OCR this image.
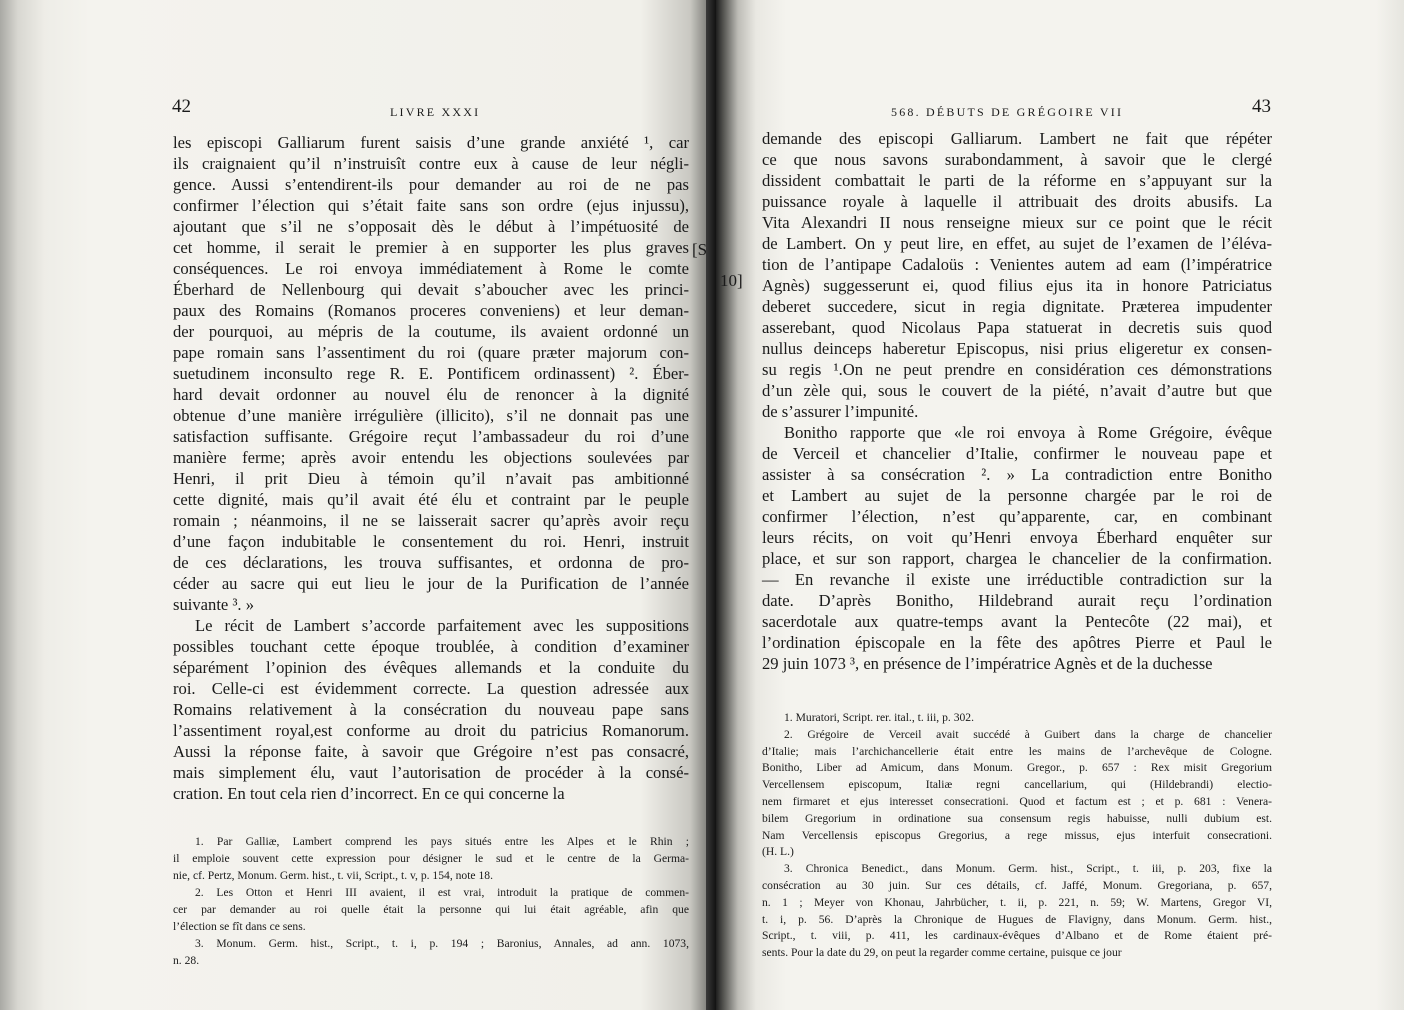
42	LIVRE XXXI
les episcopi Galliarum furent saisis d’une grande anxiété ¹, car
ils craignaient qu’il n’instruisît contre eux à cause de leur négli-
gence. Aussi s’entendirent-ils pour demander au roi de ne pas
confirmer l’élection qui s’était faite sans son ordre (ejus injussu),
ajoutant que s’il ne s’opposait dès le début à l’impétuosité de
cet homme, il serait le premier à en supporter les plus graves
conséquences. Le roi envoya immédiatement à Rome le comte
Éberhard de Nellenbourg qui devait s’aboucher avec les princi-
paux des Romains (Romanos proceres conveniens) et leur deman-
der pourquoi, au mépris de la coutume, ils avaient ordonné un
pape romain sans l’assentiment du roi (quare præter majorum con-
suetudinem inconsulto rege R. E. Pontificem ordinassent) ². Éber-
hard devait ordonner au nouvel élu de renoncer à la dignité
obtenue d’une manière irrégulière (illicito), s’il ne donnait pas une
satisfaction suffisante. Grégoire reçut l’ambassadeur du roi d’une
manière ferme; après avoir entendu les objections soulevées par
Henri, il prit Dieu à témoin qu’il n’avait pas ambitionné
cette dignité, mais qu’il avait été élu et contraint par le peuple
romain ; néanmoins, il ne se laisserait sacrer qu’après avoir reçu
d’une façon indubitable le consentement du roi. Henri, instruit
de ces déclarations, les trouva suffisantes, et ordonna de pro-
céder au sacre qui eut lieu le jour de la Purification de l’année
suivante ³. »
Le récit de Lambert s’accorde parfaitement avec les suppositions
possibles touchant cette époque troublée, à condition d’examiner
séparément l’opinion des évêques allemands et la conduite du
roi. Celle-ci est évidemment correcte. La question adressée aux
Romains relativement à la consécration du nouveau pape sans
l’assentiment royal,est conforme au droit du patricius Romanorum.
Aussi la réponse faite, à savoir que Grégoire n’est pas consacré,
mais simplement élu, vaut l’autorisation de procéder à la consé-
cration. En tout cela rien d’incorrect. En ce qui concerne la
1. Par Galliæ, Lambert comprend les pays situés entre les Alpes et le Rhin ;
il emploie souvent cette expression pour désigner le sud et le centre de la Germa-
nie, cf. Pertz, Monum. Germ. hist., t. vii, Script., t. v, p. 154, note 18.
2. Les Otton et Henri III avaient, il est vrai, introduit la pratique de commen-
cer par demander au roi quelle était la personne qui lui était agréable, afin que
l’élection se fît dans ce sens.
3. Monum. Germ. hist., Script., t. i, p. 194 ; Baronius, Annales, ad ann. 1073,
n. 28.
568. DÉBUTS DE GRÉGOIRE VII	43
[S
10]
demande des episcopi Galliarum. Lambert ne fait que répéter
ce que nous savons surabondamment, à savoir que le clergé
dissident combattait le parti de la réforme en s’appuyant sur la
puissance royale à laquelle il attribuait des droits abusifs. La
Vita Alexandri II nous renseigne mieux sur ce point que le récit
de Lambert. On y peut lire, en effet, au sujet de l’examen de l’éléva-
tion de l’antipape Cadaloüs : Venientes autem ad eam (l’impératrice
Agnès) suggesserunt ei, quod filius ejus ita in honore Patriciatus
deberet succedere, sicut in regia dignitate. Præterea impudenter
asserebant, quod Nicolaus Papa statuerat in decretis suis quod
nullus deinceps haberetur Episcopus, nisi prius eligeretur ex consen-
su regis ¹.On ne peut prendre en considération ces démonstrations
d’un zèle qui, sous le couvert de la piété, n’avait d’autre but que
de s’assurer l’impunité.
Bonitho rapporte que «le roi envoya à Rome Grégoire, évêque
de Verceil et chancelier d’Italie, confirmer le nouveau pape et
assister à sa consécration ². » La contradiction entre Bonitho
et Lambert au sujet de la personne chargée par le roi de
confirmer l’élection, n’est qu’apparente, car, en combinant
leurs récits, on voit qu’Henri envoya Éberhard enquêter sur
place, et sur son rapport, chargea le chancelier de la confirmation.
— En revanche il existe une irréductible contradiction sur la
date. D’après Bonitho, Hildebrand aurait reçu l’ordination
sacerdotale aux quatre-temps avant la Pentecôte (22 mai), et
l’ordination épiscopale en la fête des apôtres Pierre et Paul le
29 juin 1073 ³, en présence de l’impératrice Agnès et de la duchesse
1. Muratori, Script. rer. ital., t. iii, p. 302.
2. Grégoire de Verceil avait succédé à Guibert dans la charge de chancelier
d’Italie; mais l’archichancellerie était entre les mains de l’archevêque de Cologne.
Bonitho, Liber ad Amicum, dans Monum. Gregor., p. 657 : Rex misit Gregorium
Vercellensem episcopum, Italiæ regni cancellarium, qui (Hildebrandi) electio-
nem firmaret et ejus interesset consecrationi. Quod et factum est ; et p. 681 : Venera-
bilem Gregorium in ordinatione sua consensum regis habuisse, nulli dubium est.
Nam Vercellensis episcopus Gregorius, a rege missus, ejus interfuit consecrationi.
(H. L.)
3. Chronica Benedict., dans Monum. Germ. hist., Script., t. iii, p. 203, fixe la
consécration au 30 juin. Sur ces détails, cf. Jaffé, Monum. Gregoriana, p. 657,
n. 1 ; Meyer von Khonau, Jahrbücher, t. ii, p. 221, n. 59; W. Martens, Gregor VI,
t. i, p. 56. D’après la Chronique de Hugues de Flavigny, dans Monum. Germ. hist.,
Script., t. viii, p. 411, les cardinaux-évêques d’Albano et de Rome étaient pré-
sents. Pour la date du 29, on peut la regarder comme certaine, puisque ce jour
